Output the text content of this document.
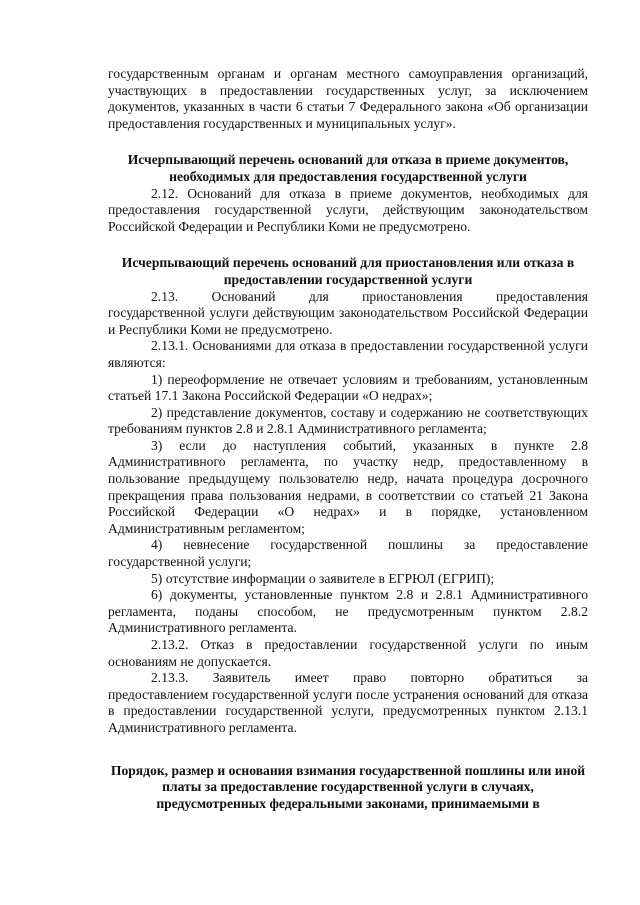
государственным органам и органам местного самоуправления организаций, участвующих в предоставлении государственных услуг, за исключением документов, указанных в части 6 статьи 7 Федерального закона «Об организации предоставления государственных и муниципальных услуг».

Исчерпывающий перечень оснований для отказа в приеме документов, необходимых для предоставления государственной услуги

2.12. Оснований для отказа в приеме документов, необходимых для предоставления государственной услуги, действующим законодательством Российской Федерации и Республики Коми не предусмотрено.

Исчерпывающий перечень оснований для приостановления или отказа в предоставлении государственной услуги

2.13. Оснований для приостановления предоставления

государственной услуги действующим законодательством Российской Федерации и Республики Коми не предусмотрено.

2.13.1. Основаниями для отказа в предоставлении государственной услуги являются:

1) переоформление не отвечает условиям и требованиям, установленным статьей 17.1 Закона Российской Федерации «О недрах»;

2) представление документов, составу и содержанию не соответствующих требованиям пунктов 2.8 и 2.8.1 Административного регламента;

3) если до наступления событий, указанных в пункте 2.8 Административного регламента, по участку недр, предоставленному в пользование предыдущему пользователю недр, начата процедура досрочного прекращения права пользования недрами, в соответствии со статьей 21 Закона Российской Федерации «О недрах» и в порядке, установленном Административным регламентом;

4) невнесение государственной пошлины за предоставление государственной услуги;

5) отсутствие информации о заявителе в ЕГРЮЛ (ЕГРИП);

6) документы, установленные пунктом 2.8 и 2.8.1 Административного регламента, поданы способом, не предусмотренным пунктом 2.8.2 Административного регламента.

2.13.2. Отказ в предоставлении государственной услуги по иным основаниям не допускается.

2.13.3. Заявитель имеет право повторно обратиться за

предоставлением государственной услуги после устранения оснований для отказа в предоставлении государственной услуги, предусмотренных пунктом 2.13.1 Административного регламента.

Порядок, размер и основания взимания государственной пошлины или иной платы за предоставление государственной услуги в случаях, предусмотренных федеральными законами, принимаемыми в
